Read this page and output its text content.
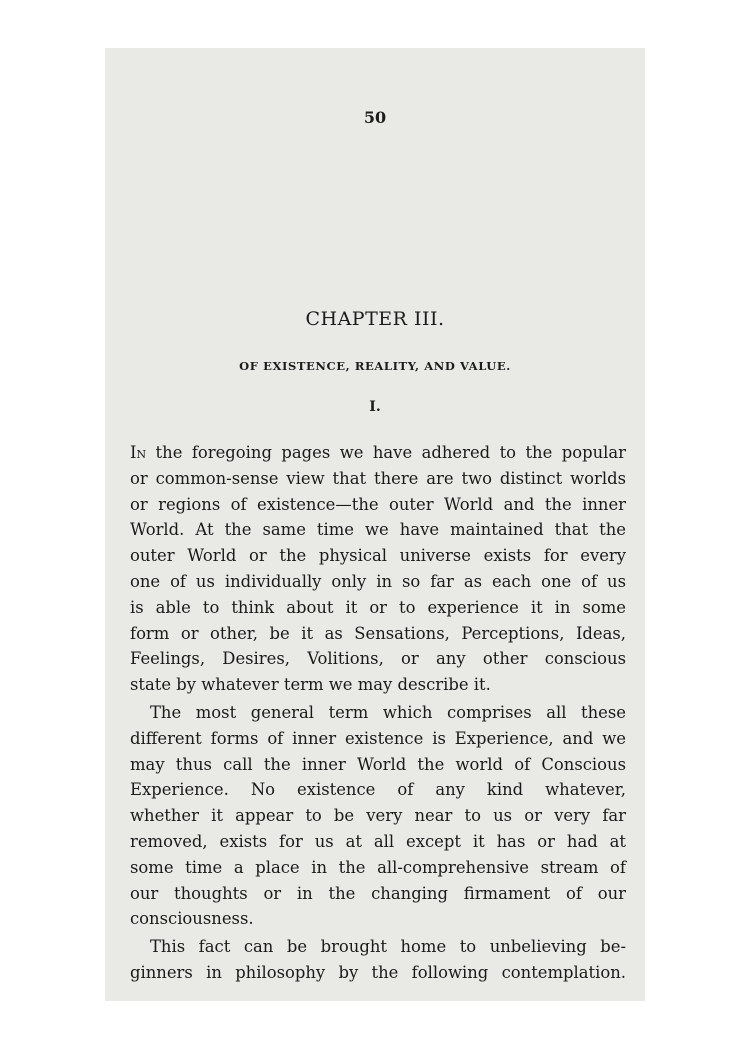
50
CHAPTER III.
OF EXISTENCE, REALITY, AND VALUE.
I.
In the foregoing pages we have adhered to the popular
or common-sense view that there are two distinct worlds
or regions of existence—the outer World and the inner
World. At the same time we have maintained that the
outer World or the physical universe exists for every
one of us individually only in so far as each one of us
is able to think about it or to experience it in some
form or other, be it as Sensations, Perceptions, Ideas,
Feelings, Desires, Volitions, or any other conscious
state by whatever term we may describe it.
The most general term which comprises all these
different forms of inner existence is Experience, and we
may thus call the inner World the world of Conscious
Experience. No existence of any kind whatever,
whether it appear to be very near to us or very far
removed, exists for us at all except it has or had at
some time a place in the all-comprehensive stream of
our thoughts or in the changing firmament of our
consciousness.
This fact can be brought home to unbelieving be-
ginners in philosophy by the following contemplation.
